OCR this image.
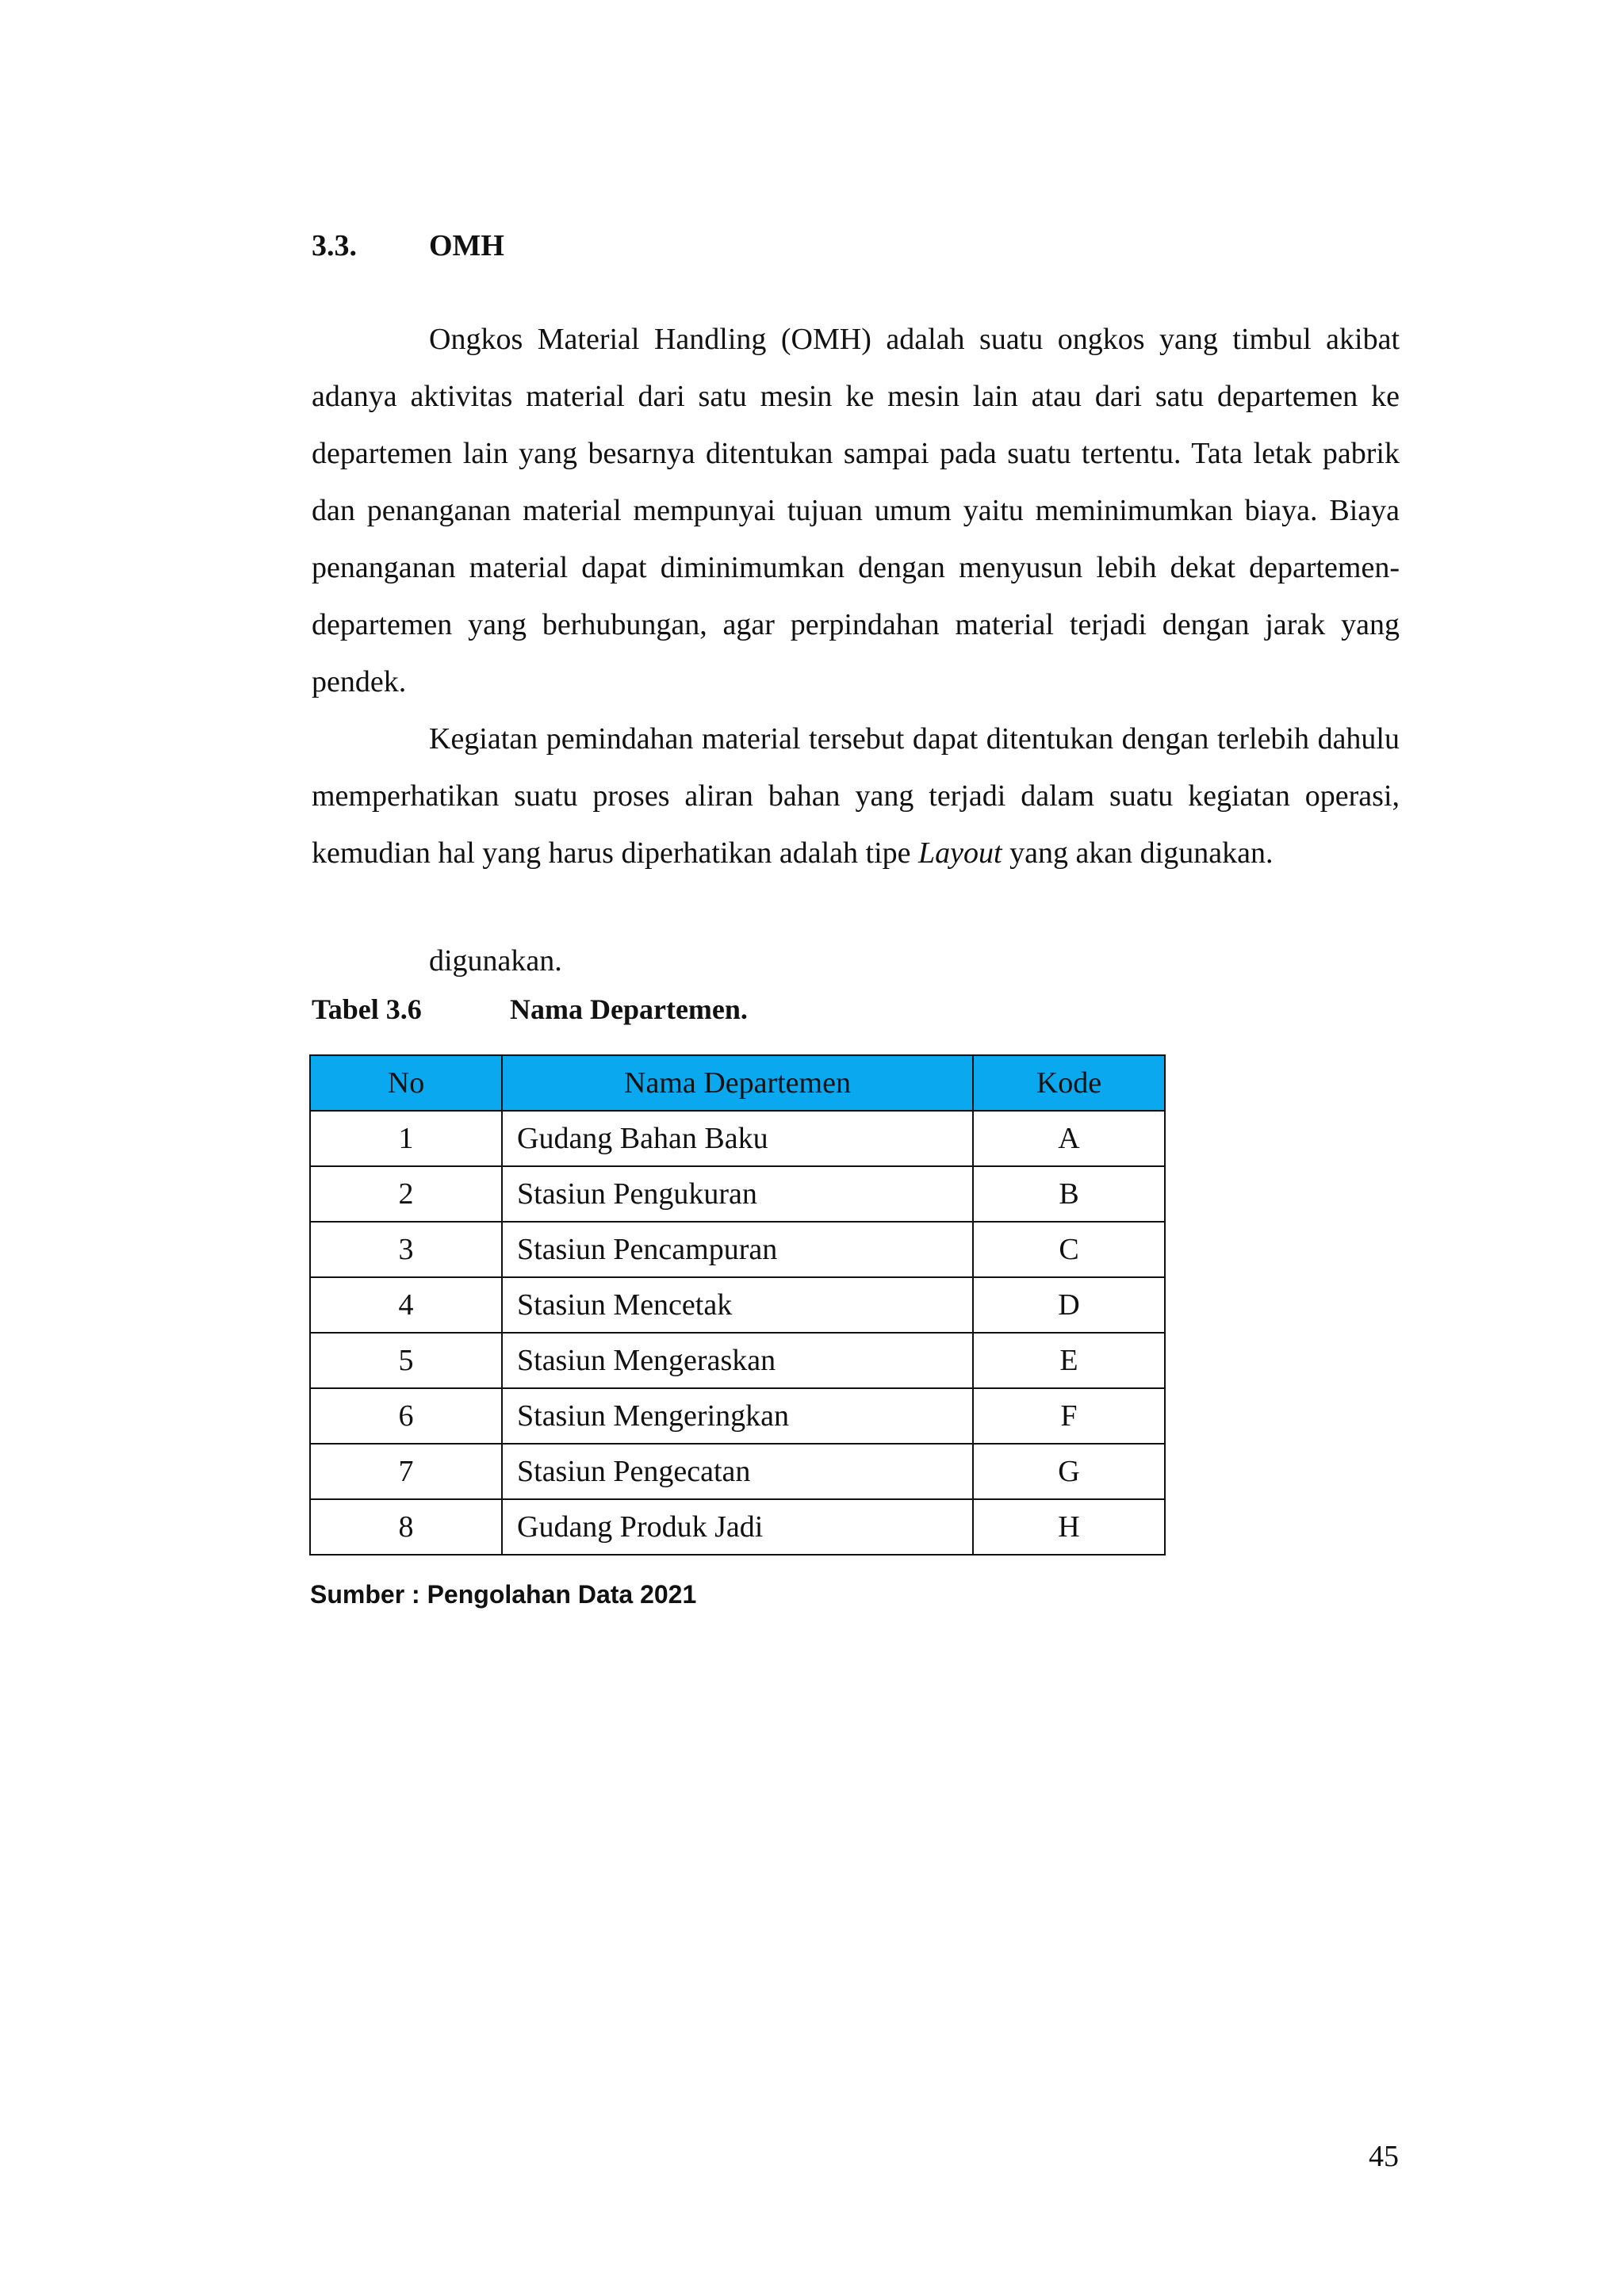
3.3.	OMH

Ongkos Material Handling (OMH) adalah suatu ongkos yang timbul akibat adanya aktivitas material dari satu mesin ke mesin lain atau dari satu departemen ke departemen lain yang besarnya ditentukan sampai pada suatu tertentu. Tata letak pabrik dan penanganan material mempunyai tujuan umum yaitu meminimumkan biaya. Biaya penanganan material dapat diminimumkan dengan menyusun lebih dekat departemen-departemen yang berhubungan, agar perpindahan material terjadi dengan jarak yang pendek.

Kegiatan pemindahan material tersebut dapat ditentukan dengan terlebih dahulu memperhatikan suatu proses aliran bahan yang terjadi dalam suatu kegiatan operasi, kemudian hal yang harus diperhatikan adalah tipe Layout yang akan digunakan.

digunakan.
Tabel 3.6	Nama Departemen.
No	Nama Departemen	Kode
1	Gudang Bahan Baku	A
2	Stasiun Pengukuran	B
3	Stasiun Pencampuran	C
4	Stasiun Mencetak	D
5	Stasiun Mengeraskan	E
6	Stasiun Mengeringkan	F
7	Stasiun Pengecatan	G
8	Gudang Produk Jadi	H
Sumber : Pengolahan Data 2021
45
